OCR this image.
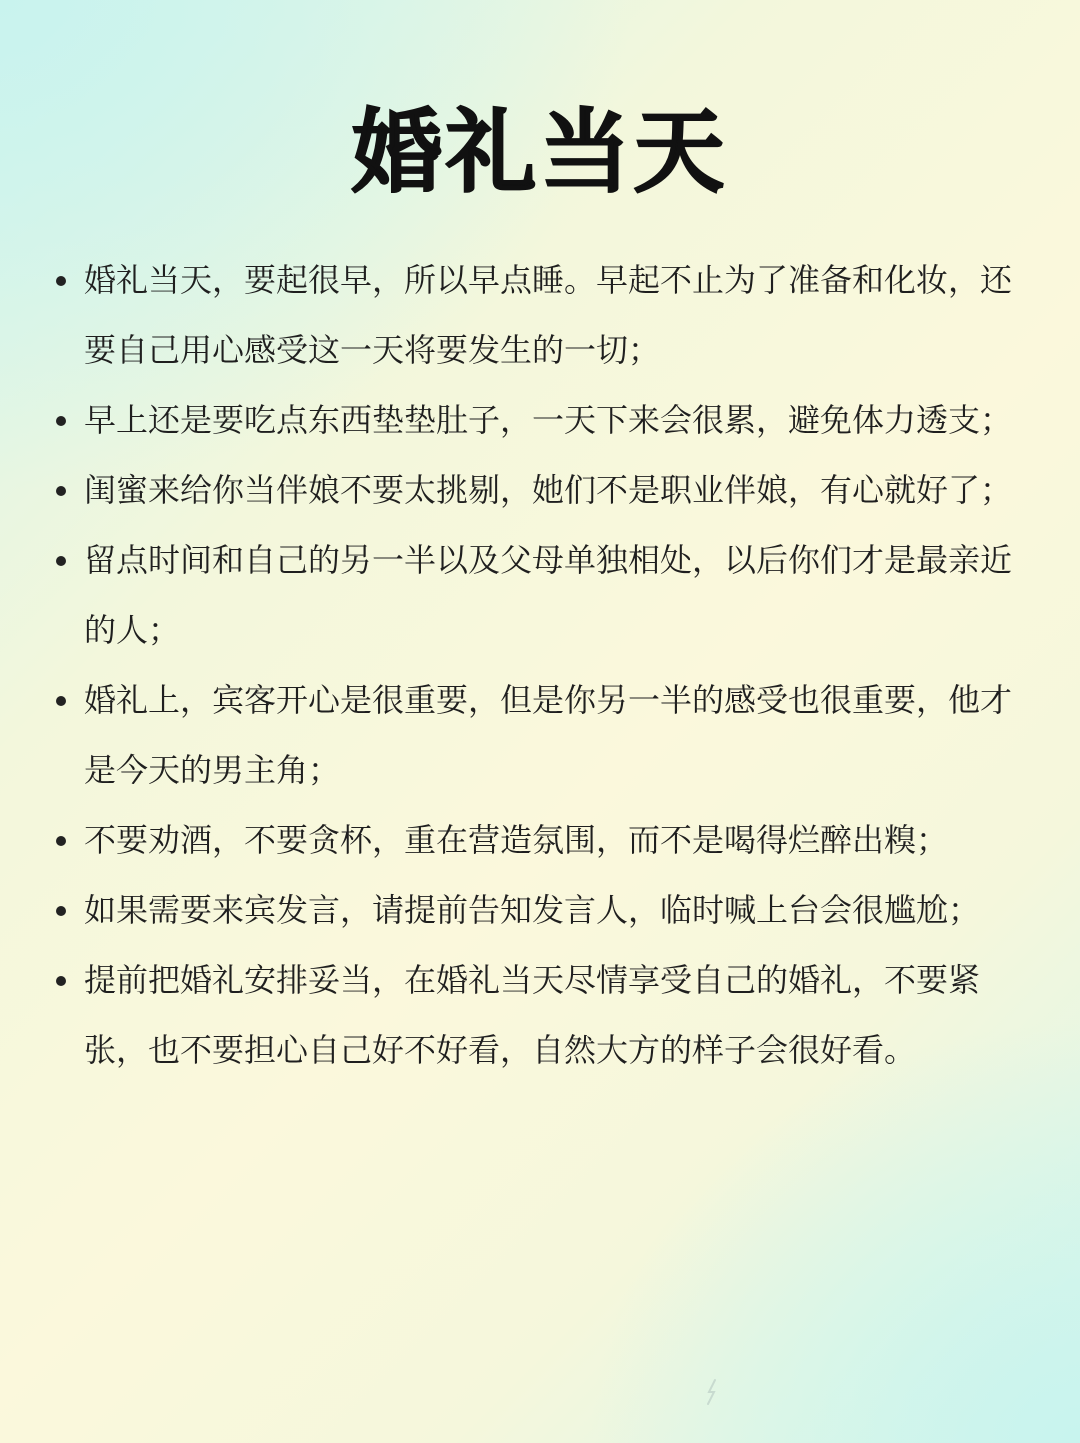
婚礼当天
婚礼当天，要起很早，所以早点睡。早起不止为了准备和化妆，还要自己用心感受这一天将要发生的一切；
早上还是要吃点东西垫垫肚子，一天下来会很累，避免体力透支；
闺蜜来给你当伴娘不要太挑剔，她们不是职业伴娘，有心就好了；
留点时间和自己的另一半以及父母单独相处，以后你们才是最亲近的人；
婚礼上，宾客开心是很重要，但是你另一半的感受也很重要，他才是今天的男主角；
不要劝酒，不要贪杯，重在营造氛围，而不是喝得烂醉出糗；
如果需要来宾发言，请提前告知发言人，临时喊上台会很尴尬；
提前把婚礼安排妥当，在婚礼当天尽情享受自己的婚礼，不要紧张，也不要担心自己好不好看，自然大方的样子会很好看。
